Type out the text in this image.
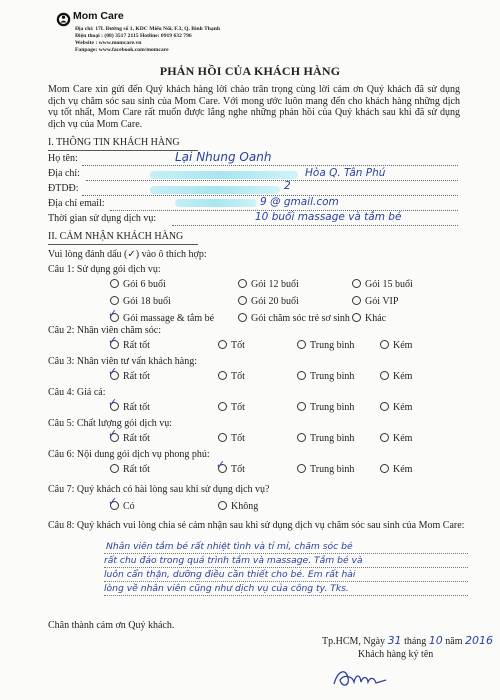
Mom Care
Địa chỉ: 17L Đường số 1, KDC Miếu Nổi, F.3, Q. Bình Thạnh
Điện thoại : (08) 3517 2115 Hotline: 0919 632 796
Website : www.momcare.vn
Fanpage: www.facebook.com/momcare
PHẢN HỒI CỦA KHÁCH HÀNG
Mom Care xin gửi đến Quý khách hàng lời chào trân trọng cùng lời cám ơn Quý khách đã sử dụng dịch vụ chăm sóc sau sinh của Mom Care. Với mong ước luôn mang đến cho khách hàng những dịch vụ tốt nhất, Mom Care rất muốn được lắng nghe những phản hồi của Quý khách sau khi đã sử dụng dịch vụ của Mom Care.
I. THÔNG TIN KHÁCH HÀNG
Họ tên:	Lại Nhung Oanh
Địa chỉ:	Hòa Q. Tân Phú
ĐTDĐ:	2
Địa chỉ email:	9 @ gmail.com
Thời gian sử dụng dịch vụ:	10 buổi massage và tắm bé
II. CẢM NHẬN KHÁCH HÀNG
Vui lòng đánh dấu (✓) vào ô thích hợp:
Câu 1: Sử dụng gói dịch vụ:
Gói 6 buổi	Gói 12 buổi	Gói 15 buổi
Gói 18 buổi	Gói 20 buổi	Gói VIP
✓ Gói massage & tắm bé	Gói chăm sóc trẻ sơ sinh	Khác
Câu 2: Nhân viên chăm sóc:
✓ Rất tốt	Tốt	Trung bình	Kém
Câu 3: Nhân viên tư vấn khách hàng:
✓ Rất tốt	Tốt	Trung bình	Kém
Câu 4: Giá cả:
✓ Rất tốt	Tốt	Trung bình	Kém
Câu 5: Chất lượng gói dịch vụ:
✓ Rất tốt	Tốt	Trung bình	Kém
Câu 6: Nội dung gói dịch vụ phong phú:
Rất tốt	✓ Tốt	Trung bình	Kém
Câu 7: Quý khách có hài lòng sau khi sử dụng dịch vụ?
✓ Có	Không
Câu 8: Quý khách vui lòng chia sẻ cảm nhận sau khi sử dụng dịch vụ chăm sóc sau sinh của Mom Care:
Nhân viên tắm bé rất nhiệt tình và tỉ mỉ, chăm sóc bé
rất chu đáo trong quá trình tắm và massage. Tắm bé và
luôn cẩn thận, dưỡng điều cần thiết cho bé. Em rất hài
lòng về nhân viên cũng như dịch vụ của công ty. Tks.
Chân thành cám ơn Quý khách.
Tp.HCM, Ngày 31 tháng 10 năm 2016
Khách hàng ký tên
